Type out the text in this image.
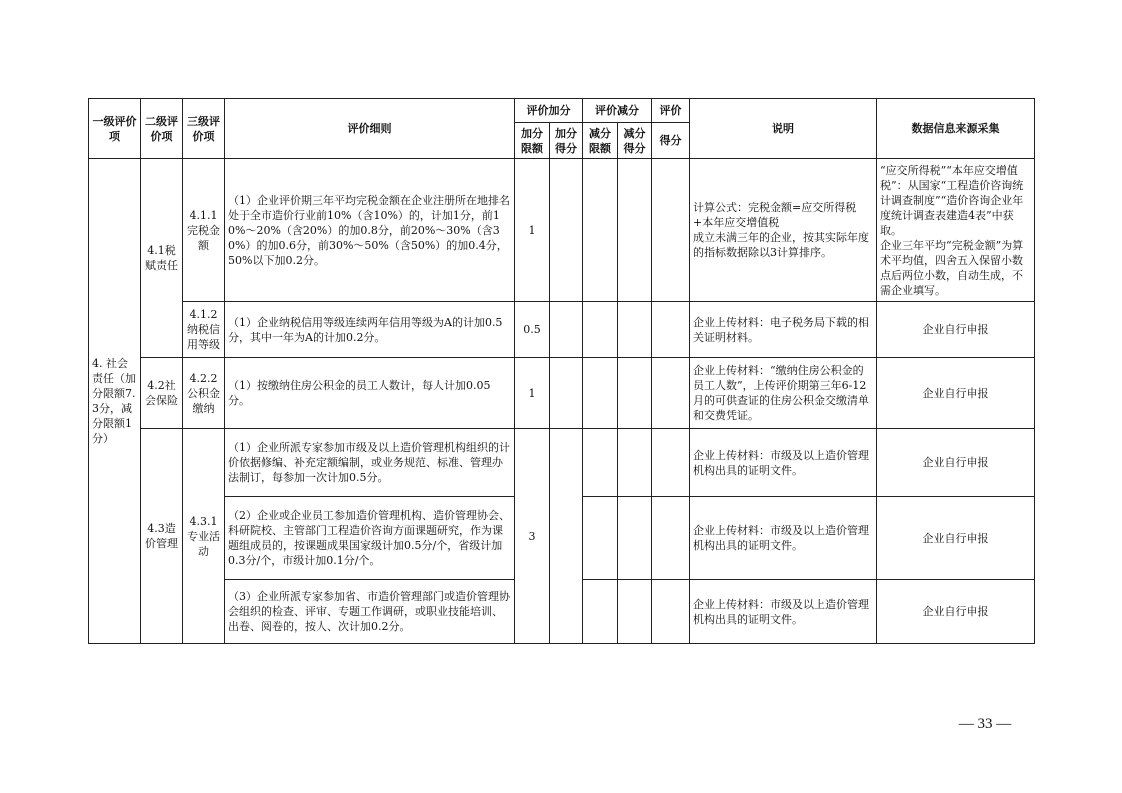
一级评价项	二级评价项	三级评价项	评价细则	评价加分		评价减分		评价	说明	数据信息来源采集
				加分限额	加分得分	减分限额	减分得分	得分		
4. 社会责任（加分限额7.3分，减分限额1分）	4.1税赋责任	4.1.1完税金额	（1）企业评价期三年平均完税金额在企业注册所在地排名处于全市造价行业前10%（含10%）的，计加1分，前10%～20%（含20%）的加0.8分，前20%～30%（含30%）的加0.6分，前30%～50%（含50%）的加0.4分，50%以下加0.2分。	1					计算公式：完税金额=应交所得税+本年应交增值税
成立未满三年的企业，按其实际年度的指标数据除以3计算排序。	“应交所得税”“本年应交增值税”：从国家“工程造价咨询统计调查制度”“造价咨询企业年度统计调查表建造4表”中获取。
企业三年平均“完税金额”为算术平均值，四舍五入保留小数点后两位小数，自动生成，不需企业填写。
		4.1.2纳税信用等级	（1）企业纳税信用等级连续两年信用等级为A的计加0.5分，其中一年为A的计加0.2分。	0.5					企业上传材料：电子税务局下载的相关证明材料。	企业自行申报
	4.2社会保险	4.2.2公积金缴纳	（1）按缴纳住房公积金的员工人数计，每人计加0.05分。	1					企业上传材料：“缴纳住房公积金的员工人数”，上传评价期第三年6-12月的可供查证的住房公积金交缴清单和交费凭证。	企业自行申报
	4.3造价管理	4.3.1专业活动	（1）企业所派专家参加市级及以上造价管理机构组织的计价依据修编、补充定额编制，或业务规范、标准、管理办法制订，每参加一次计加0.5分。	3					企业上传材料：市级及以上造价管理机构出具的证明文件。	企业自行申报
			（2）企业或企业员工参加造价管理机构、造价管理协会、科研院校、主管部门工程造价咨询方面课题研究，作为课题组成员的，按课题成果国家级计加0.5分/个，省级计加0.3分/个，市级计加0.1分/个。						企业上传材料：市级及以上造价管理机构出具的证明文件。	企业自行申报
			（3）企业所派专家参加省、市造价管理部门或造价管理协会组织的检查、评审、专题工作调研，或职业技能培训、出卷、阅卷的，按人、次计加0.2分。						企业上传材料：市级及以上造价管理机构出具的证明文件。	企业自行申报
— 33 —
